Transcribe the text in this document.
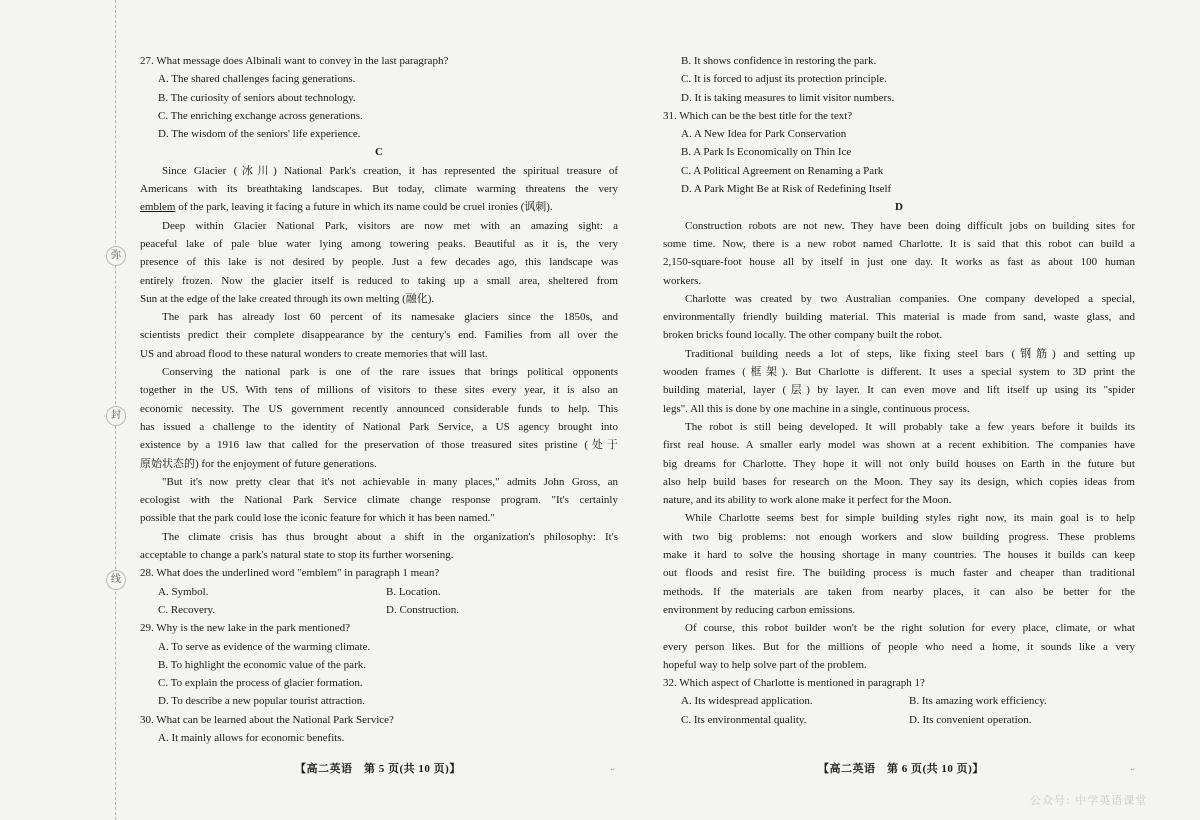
弥
封
线
27. What message does Albinali want to convey in the last paragraph?
A. The shared challenges facing generations.
B. The curiosity of seniors about technology.
C. The enriching exchange across generations.
D. The wisdom of the seniors' life experience.
C
Since Glacier (冰川) National Park's creation, it has represented the spiritual treasure of
Americans with its breathtaking landscapes. But today, climate warming threatens the very
emblem of the park, leaving it facing a future in which its name could be cruel ironies (讽刺).
Deep within Glacier National Park, visitors are now met with an amazing sight: a
peaceful lake of pale blue water lying among towering peaks. Beautiful as it is, the very
presence of this lake is not desired by people. Just a few decades ago, this landscape was
entirely frozen. Now the glacier itself is reduced to taking up a small area, sheltered from
Sun at the edge of the lake created through its own melting (融化).
The park has already lost 60 percent of its namesake glaciers since the 1850s, and
scientists predict their complete disappearance by the century's end. Families from all over the
US and abroad flood to these natural wonders to create memories that will last.
Conserving the national park is one of the rare issues that brings political opponents
together in the US. With tens of millions of visitors to these sites every year, it is also an
economic necessity. The US government recently announced considerable funds to help. This
has issued a challenge to the identity of National Park Service, a US agency brought into
existence by a 1916 law that called for the preservation of those treasured sites pristine (处于
原始状态的) for the enjoyment of future generations.
"But it's now pretty clear that it's not achievable in many places," admits John Gross, an
ecologist with the National Park Service climate change response program. "It's certainly
possible that the park could lose the iconic feature for which it has been named."
The climate crisis has thus brought about a shift in the organization's philosophy: It's
acceptable to change a park's natural state to stop its further worsening.
28. What does the underlined word "emblem" in paragraph 1 mean?
A. Symbol.	B. Location.
C. Recovery.	D. Construction.
29. Why is the new lake in the park mentioned?
A. To serve as evidence of the warming climate.
B. To highlight the economic value of the park.
C. To explain the process of glacier formation.
D. To describe a new popular tourist attraction.
30. What can be learned about the National Park Service?
A. It mainly allows for economic benefits.
【高二英语　第 5 页(共 10 页)】	..
B. It shows confidence in restoring the park.
C. It is forced to adjust its protection principle.
D. It is taking measures to limit visitor numbers.
31. Which can be the best title for the text?
A. A New Idea for Park Conservation
B. A Park Is Economically on Thin Ice
C. A Political Agreement on Renaming a Park
D. A Park Might Be at Risk of Redefining Itself
D
Construction robots are not new. They have been doing difficult jobs on building sites for
some time. Now, there is a new robot named Charlotte. It is said that this robot can build a
2,150-square-foot house all by itself in just one day. It works as fast as about 100 human
workers.
Charlotte was created by two Australian companies. One company developed a special,
environmentally friendly building material. This material is made from sand, waste glass, and
broken bricks found locally. The other company built the robot.
Traditional building needs a lot of steps, like fixing steel bars (钢筋) and setting up
wooden frames (框架). But Charlotte is different. It uses a special system to 3D print the
building material, layer (层) by layer. It can even move and lift itself up using its "spider
legs". All this is done by one machine in a single, continuous process.
The robot is still being developed. It will probably take a few years before it builds its
first real house. A smaller early model was shown at a recent exhibition. The companies have
big dreams for Charlotte. They hope it will not only build houses on Earth in the future but
also help build bases for research on the Moon. They say its design, which copies ideas from
nature, and its ability to work alone make it perfect for the Moon.
While Charlotte seems best for simple building styles right now, its main goal is to help
with two big problems: not enough workers and slow building progress. These problems
make it hard to solve the housing shortage in many countries. The houses it builds can keep
out floods and resist fire. The building process is much faster and cheaper than traditional
methods. If the materials are taken from nearby places, it can also be better for the
environment by reducing carbon emissions.
Of course, this robot builder won't be the right solution for every place, climate, or what
every person likes. But for the millions of people who need a home, it sounds like a very
hopeful way to help solve part of the problem.
32. Which aspect of Charlotte is mentioned in paragraph 1?
A. Its widespread application.	B. Its amazing work efficiency.
C. Its environmental quality.	D. Its convenient operation.
【高二英语　第 6 页(共 10 页)】	..
公众号: 中学英语课堂
